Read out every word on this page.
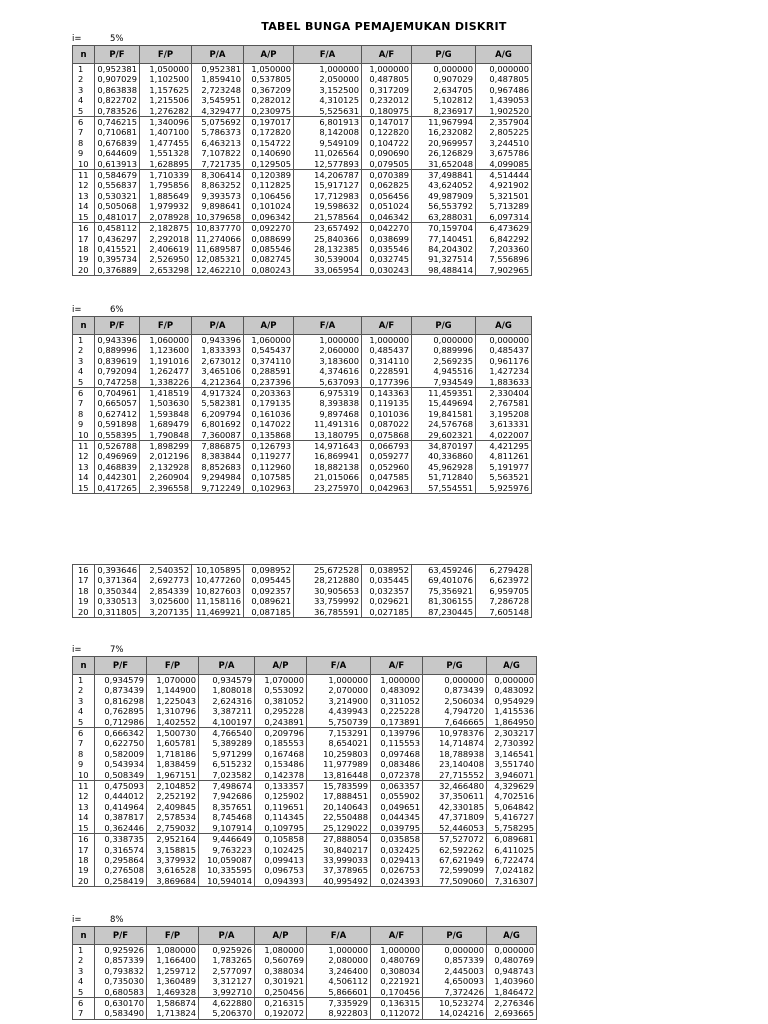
TABEL BUNGA PEMAJEMUKAN DISKRIT
i=	5%
n	P/F	F/P	P/A	A/P	F/A	A/F	P/G	A/G
1	0,952381	1,050000	0,952381	1,050000	1,000000	1,000000	0,000000	0,000000
2	0,907029	1,102500	1,859410	0,537805	2,050000	0,487805	0,907029	0,487805
3	0,863838	1,157625	2,723248	0,367209	3,152500	0,317209	2,634705	0,967486
4	0,822702	1,215506	3,545951	0,282012	4,310125	0,232012	5,102812	1,439053
5	0,783526	1,276282	4,329477	0,230975	5,525631	0,180975	8,236917	1,902520
6	0,746215	1,340096	5,075692	0,197017	6,801913	0,147017	11,967994	2,357904
7	0,710681	1,407100	5,786373	0,172820	8,142008	0,122820	16,232082	2,805225
8	0,676839	1,477455	6,463213	0,154722	9,549109	0,104722	20,969957	3,244510
9	0,644609	1,551328	7,107822	0,140690	11,026564	0,090690	26,126829	3,675786
10	0,613913	1,628895	7,721735	0,129505	12,577893	0,079505	31,652048	4,099085
11	0,584679	1,710339	8,306414	0,120389	14,206787	0,070389	37,498841	4,514444
12	0,556837	1,795856	8,863252	0,112825	15,917127	0,062825	43,624052	4,921902
13	0,530321	1,885649	9,393573	0,106456	17,712983	0,056456	49,987909	5,321501
14	0,505068	1,979932	9,898641	0,101024	19,598632	0,051024	56,553792	5,713289
15	0,481017	2,078928	10,379658	0,096342	21,578564	0,046342	63,288031	6,097314
16	0,458112	2,182875	10,837770	0,092270	23,657492	0,042270	70,159704	6,473629
17	0,436297	2,292018	11,274066	0,088699	25,840366	0,038699	77,140451	6,842292
18	0,415521	2,406619	11,689587	0,085546	28,132385	0,035546	84,204302	7,203360
19	0,395734	2,526950	12,085321	0,082745	30,539004	0,032745	91,327514	7,556896
20	0,376889	2,653298	12,462210	0,080243	33,065954	0,030243	98,488414	7,902965
i=	6%
n	P/F	F/P	P/A	A/P	F/A	A/F	P/G	A/G
1	0,943396	1,060000	0,943396	1,060000	1,000000	1,000000	0,000000	0,000000
2	0,889996	1,123600	1,833393	0,545437	2,060000	0,485437	0,889996	0,485437
3	0,839619	1,191016	2,673012	0,374110	3,183600	0,314110	2,569235	0,961176
4	0,792094	1,262477	3,465106	0,288591	4,374616	0,228591	4,945516	1,427234
5	0,747258	1,338226	4,212364	0,237396	5,637093	0,177396	7,934549	1,883633
6	0,704961	1,418519	4,917324	0,203363	6,975319	0,143363	11,459351	2,330404
7	0,665057	1,503630	5,582381	0,179135	8,393838	0,119135	15,449694	2,767581
8	0,627412	1,593848	6,209794	0,161036	9,897468	0,101036	19,841581	3,195208
9	0,591898	1,689479	6,801692	0,147022	11,491316	0,087022	24,576768	3,613331
10	0,558395	1,790848	7,360087	0,135868	13,180795	0,075868	29,602321	4,022007
11	0,526788	1,898299	7,886875	0,126793	14,971643	0,066793	34,870197	4,421295
12	0,496969	2,012196	8,383844	0,119277	16,869941	0,059277	40,336860	4,811261
13	0,468839	2,132928	8,852683	0,112960	18,882138	0,052960	45,962928	5,191977
14	0,442301	2,260904	9,294984	0,107585	21,015066	0,047585	51,712840	5,563521
15	0,417265	2,396558	9,712249	0,102963	23,275970	0,042963	57,554551	5,925976
16	0,393646	2,540352	10,105895	0,098952	25,672528	0,038952	63,459246	6,279428
17	0,371364	2,692773	10,477260	0,095445	28,212880	0,035445	69,401076	6,623972
18	0,350344	2,854339	10,827603	0,092357	30,905653	0,032357	75,356921	6,959705
19	0,330513	3,025600	11,158116	0,089621	33,759992	0,029621	81,306155	7,286728
20	0,311805	3,207135	11,469921	0,087185	36,785591	0,027185	87,230445	7,605148
i=	7%
n	P/F	F/P	P/A	A/P	F/A	A/F	P/G	A/G
1	0,934579	1,070000	0,934579	1,070000	1,000000	1,000000	0,000000	0,000000
2	0,873439	1,144900	1,808018	0,553092	2,070000	0,483092	0,873439	0,483092
3	0,816298	1,225043	2,624316	0,381052	3,214900	0,311052	2,506034	0,954929
4	0,762895	1,310796	3,387211	0,295228	4,439943	0,225228	4,794720	1,415536
5	0,712986	1,402552	4,100197	0,243891	5,750739	0,173891	7,646665	1,864950
6	0,666342	1,500730	4,766540	0,209796	7,153291	0,139796	10,978376	2,303217
7	0,622750	1,605781	5,389289	0,185553	8,654021	0,115553	14,714874	2,730392
8	0,582009	1,718186	5,971299	0,167468	10,259803	0,097468	18,788938	3,146541
9	0,543934	1,838459	6,515232	0,153486	11,977989	0,083486	23,140408	3,551740
10	0,508349	1,967151	7,023582	0,142378	13,816448	0,072378	27,715552	3,946071
11	0,475093	2,104852	7,498674	0,133357	15,783599	0,063357	32,466480	4,329629
12	0,444012	2,252192	7,942686	0,125902	17,888451	0,055902	37,350611	4,702516
13	0,414964	2,409845	8,357651	0,119651	20,140643	0,049651	42,330185	5,064842
14	0,387817	2,578534	8,745468	0,114345	22,550488	0,044345	47,371809	5,416727
15	0,362446	2,759032	9,107914	0,109795	25,129022	0,039795	52,446053	5,758295
16	0,338735	2,952164	9,446649	0,105858	27,888054	0,035858	57,527072	6,089681
17	0,316574	3,158815	9,763223	0,102425	30,840217	0,032425	62,592262	6,411025
18	0,295864	3,379932	10,059087	0,099413	33,999033	0,029413	67,621949	6,722474
19	0,276508	3,616528	10,335595	0,096753	37,378965	0,026753	72,599099	7,024182
20	0,258419	3,869684	10,594014	0,094393	40,995492	0,024393	77,509060	7,316307
i=	8%
n	P/F	F/P	P/A	A/P	F/A	A/F	P/G	A/G
1	0,925926	1,080000	0,925926	1,080000	1,000000	1,000000	0,000000	0,000000
2	0,857339	1,166400	1,783265	0,560769	2,080000	0,480769	0,857339	0,480769
3	0,793832	1,259712	2,577097	0,388034	3,246400	0,308034	2,445003	0,948743
4	0,735030	1,360489	3,312127	0,301921	4,506112	0,221921	4,650093	1,403960
5	0,680583	1,469328	3,992710	0,250456	5,866601	0,170456	7,372426	1,846472
6	0,630170	1,586874	4,622880	0,216315	7,335929	0,136315	10,523274	2,276346
7	0,583490	1,713824	5,206370	0,192072	8,922803	0,112072	14,024216	2,693665
